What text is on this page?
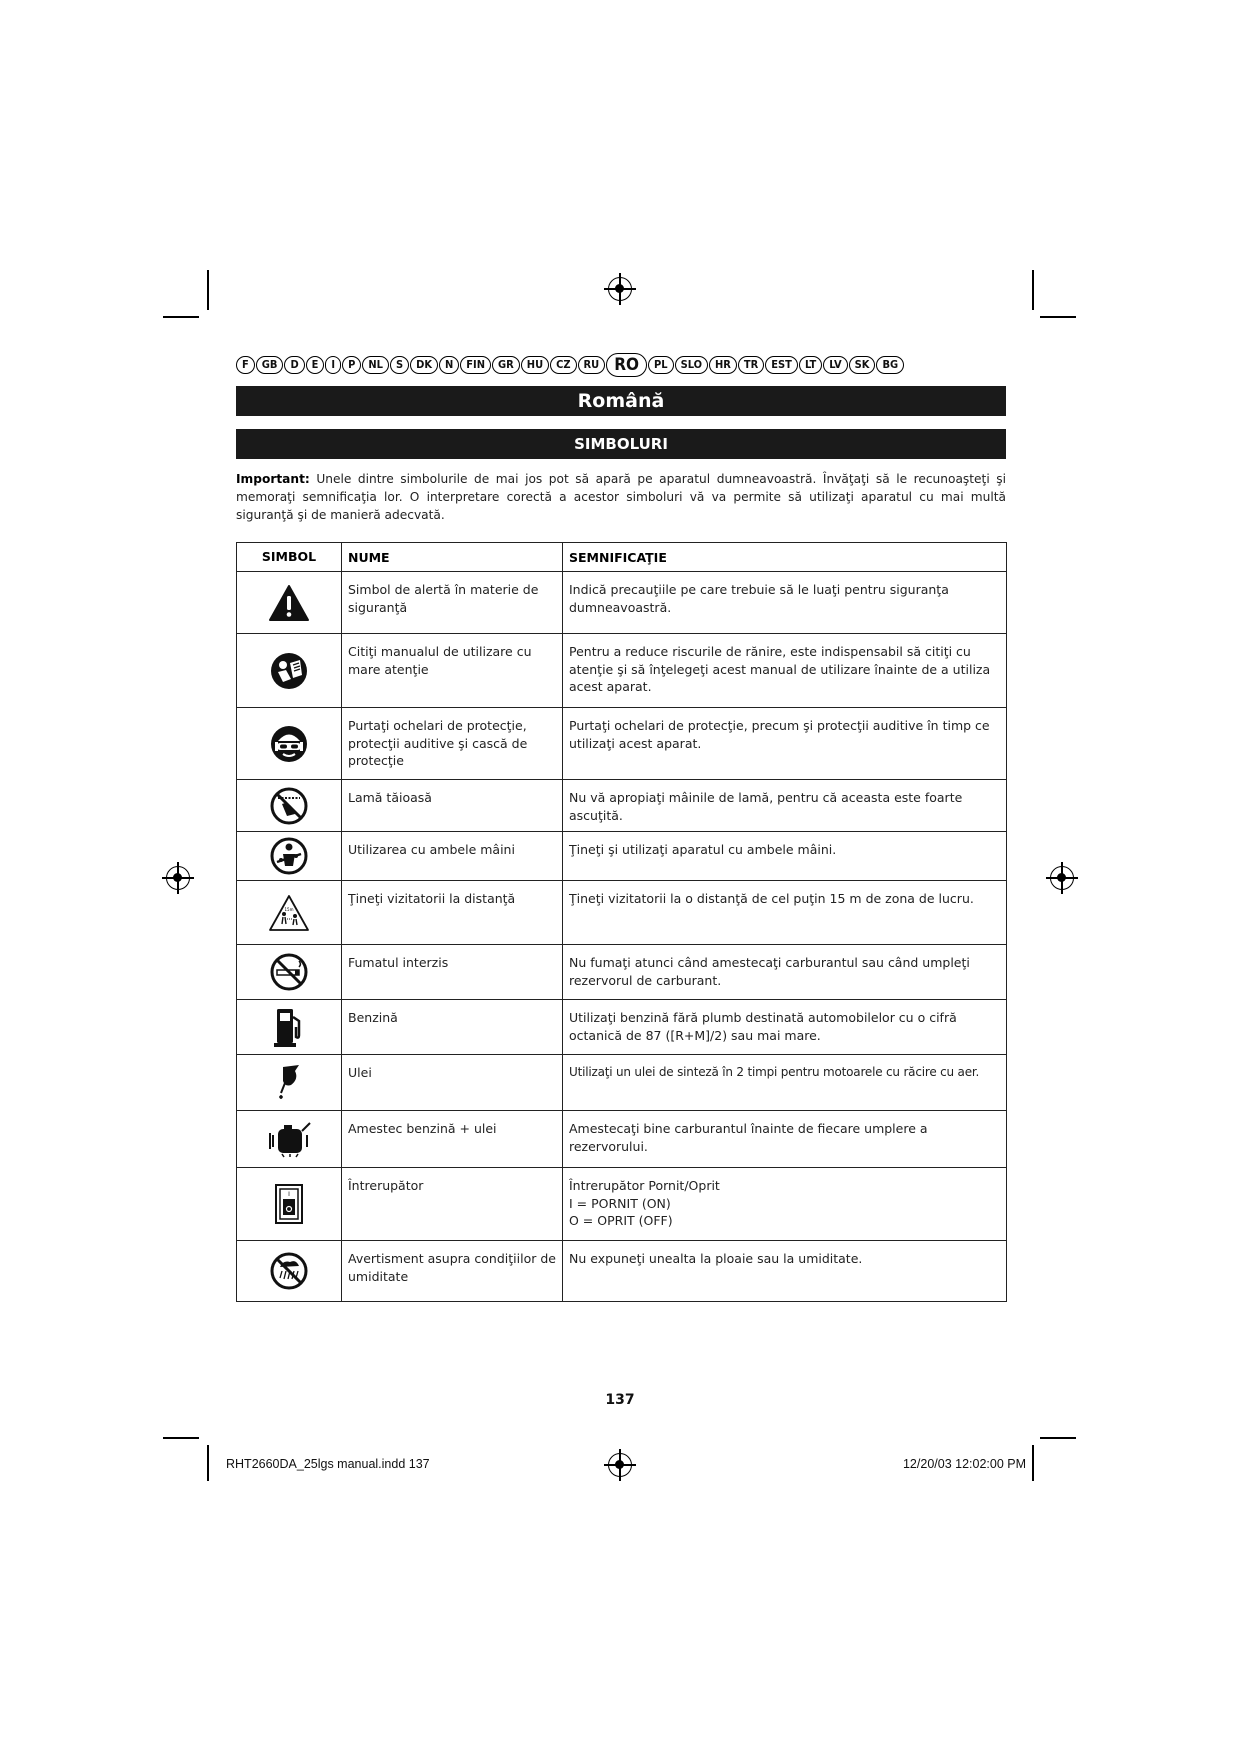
F	GB	D	E	I	P	NL	S	DK	N	FIN	GR	HU	CZ	RU RO	PL	SLO	HR	TR	EST	LT	LV	SK	BG
Română
SIMBOLURI
Important: Unele dintre simbolurile de mai jos pot să apară pe aparatul dumneavoastră. Învăţaţi să le recunoaşteţi şi memoraţi semnificaţia lor. O interpretare corectă a acestor simboluri vă va permite să utilizaţi aparatul cu mai multă siguranţă şi de manieră adecvată.
SIMBOL	NUME	SEMNIFICAŢIE

	Simbol de alertă în materie de siguranţă	Indică precauţiile pe care trebuie să le luaţi pentru siguranţa dumneavoastră.

	Citiţi manualul de utilizare cu mare atenţie	Pentru a reduce riscurile de rănire, este indispensabil să citiţi cu atenţie şi să înţelegeţi acest manual de utilizare înainte de a utiliza acest aparat.

	Purtaţi ochelari de protecţie, protecţii auditive şi cască de protecţie	Purtaţi ochelari de protecţie, precum şi protecţii auditive în timp ce utilizaţi acest aparat.

	Lamă tăioasă	Nu vă apropiaţi mâinile de lamă, pentru că aceasta este foarte ascuţită.

	Utilizarea cu ambele mâini	Ţineţi şi utilizaţi aparatul cu ambele mâini.

15m	Ţineţi vizitatorii la distanţă	Ţineţi vizitatorii la o distanţă de cel puţin 15 m de zona de lucru.

	Fumatul interzis	Nu fumaţi atunci când amestecaţi carburantul sau când umpleţi rezervorul de carburant.

	Benzină	Utilizaţi benzină fără plumb destinată automobilelor cu o cifră octanică de 87 ([R+M]/2) sau mai mare.

	Ulei	Utilizaţi un ulei de sinteză în 2 timpi pentru motoarele cu răcire cu aer.

	Amestec benzină + ulei	Amestecaţi bine carburantul înainte de fiecare umplere a rezervorului.

I	Întrerupător	Întrerupător Pornit/Oprit
I = PORNIT (ON)
O = OPRIT (OFF)

	Avertisment asupra condiţiilor de umiditate	Nu expuneţi unealta la ploaie sau la umiditate.
137
RHT2660DA_25lgs manual.indd 137	12/20/03 12:02:00 PM
